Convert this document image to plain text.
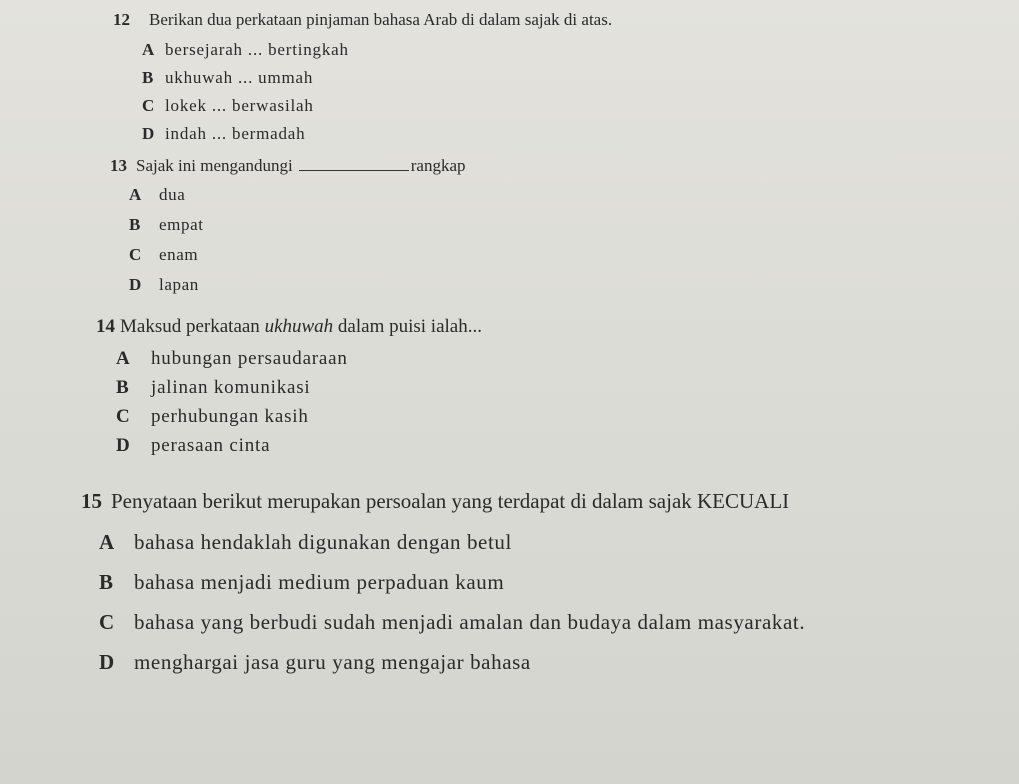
12 Berikan dua perkataan pinjaman bahasa Arab di dalam sajak di atas.
A bersejarah ... bertingkah
B ukhuwah ... ummah
C lokek ... berwasilah
D indah ... bermadah
13 Sajak ini mengandungi	rangkap
A dua
B empat
C enam
D lapan
14 Maksud perkataan ukhuwah dalam puisi ialah...
A hubungan persaudaraan
B jalinan komunikasi
C perhubungan kasih
D perasaan cinta
15 Penyataan berikut merupakan persoalan yang terdapat di dalam sajak KECUALI
A bahasa hendaklah digunakan dengan betul
B bahasa menjadi medium perpaduan kaum
C bahasa yang berbudi sudah menjadi amalan dan budaya dalam masyarakat.
D menghargai jasa guru yang mengajar bahasa
